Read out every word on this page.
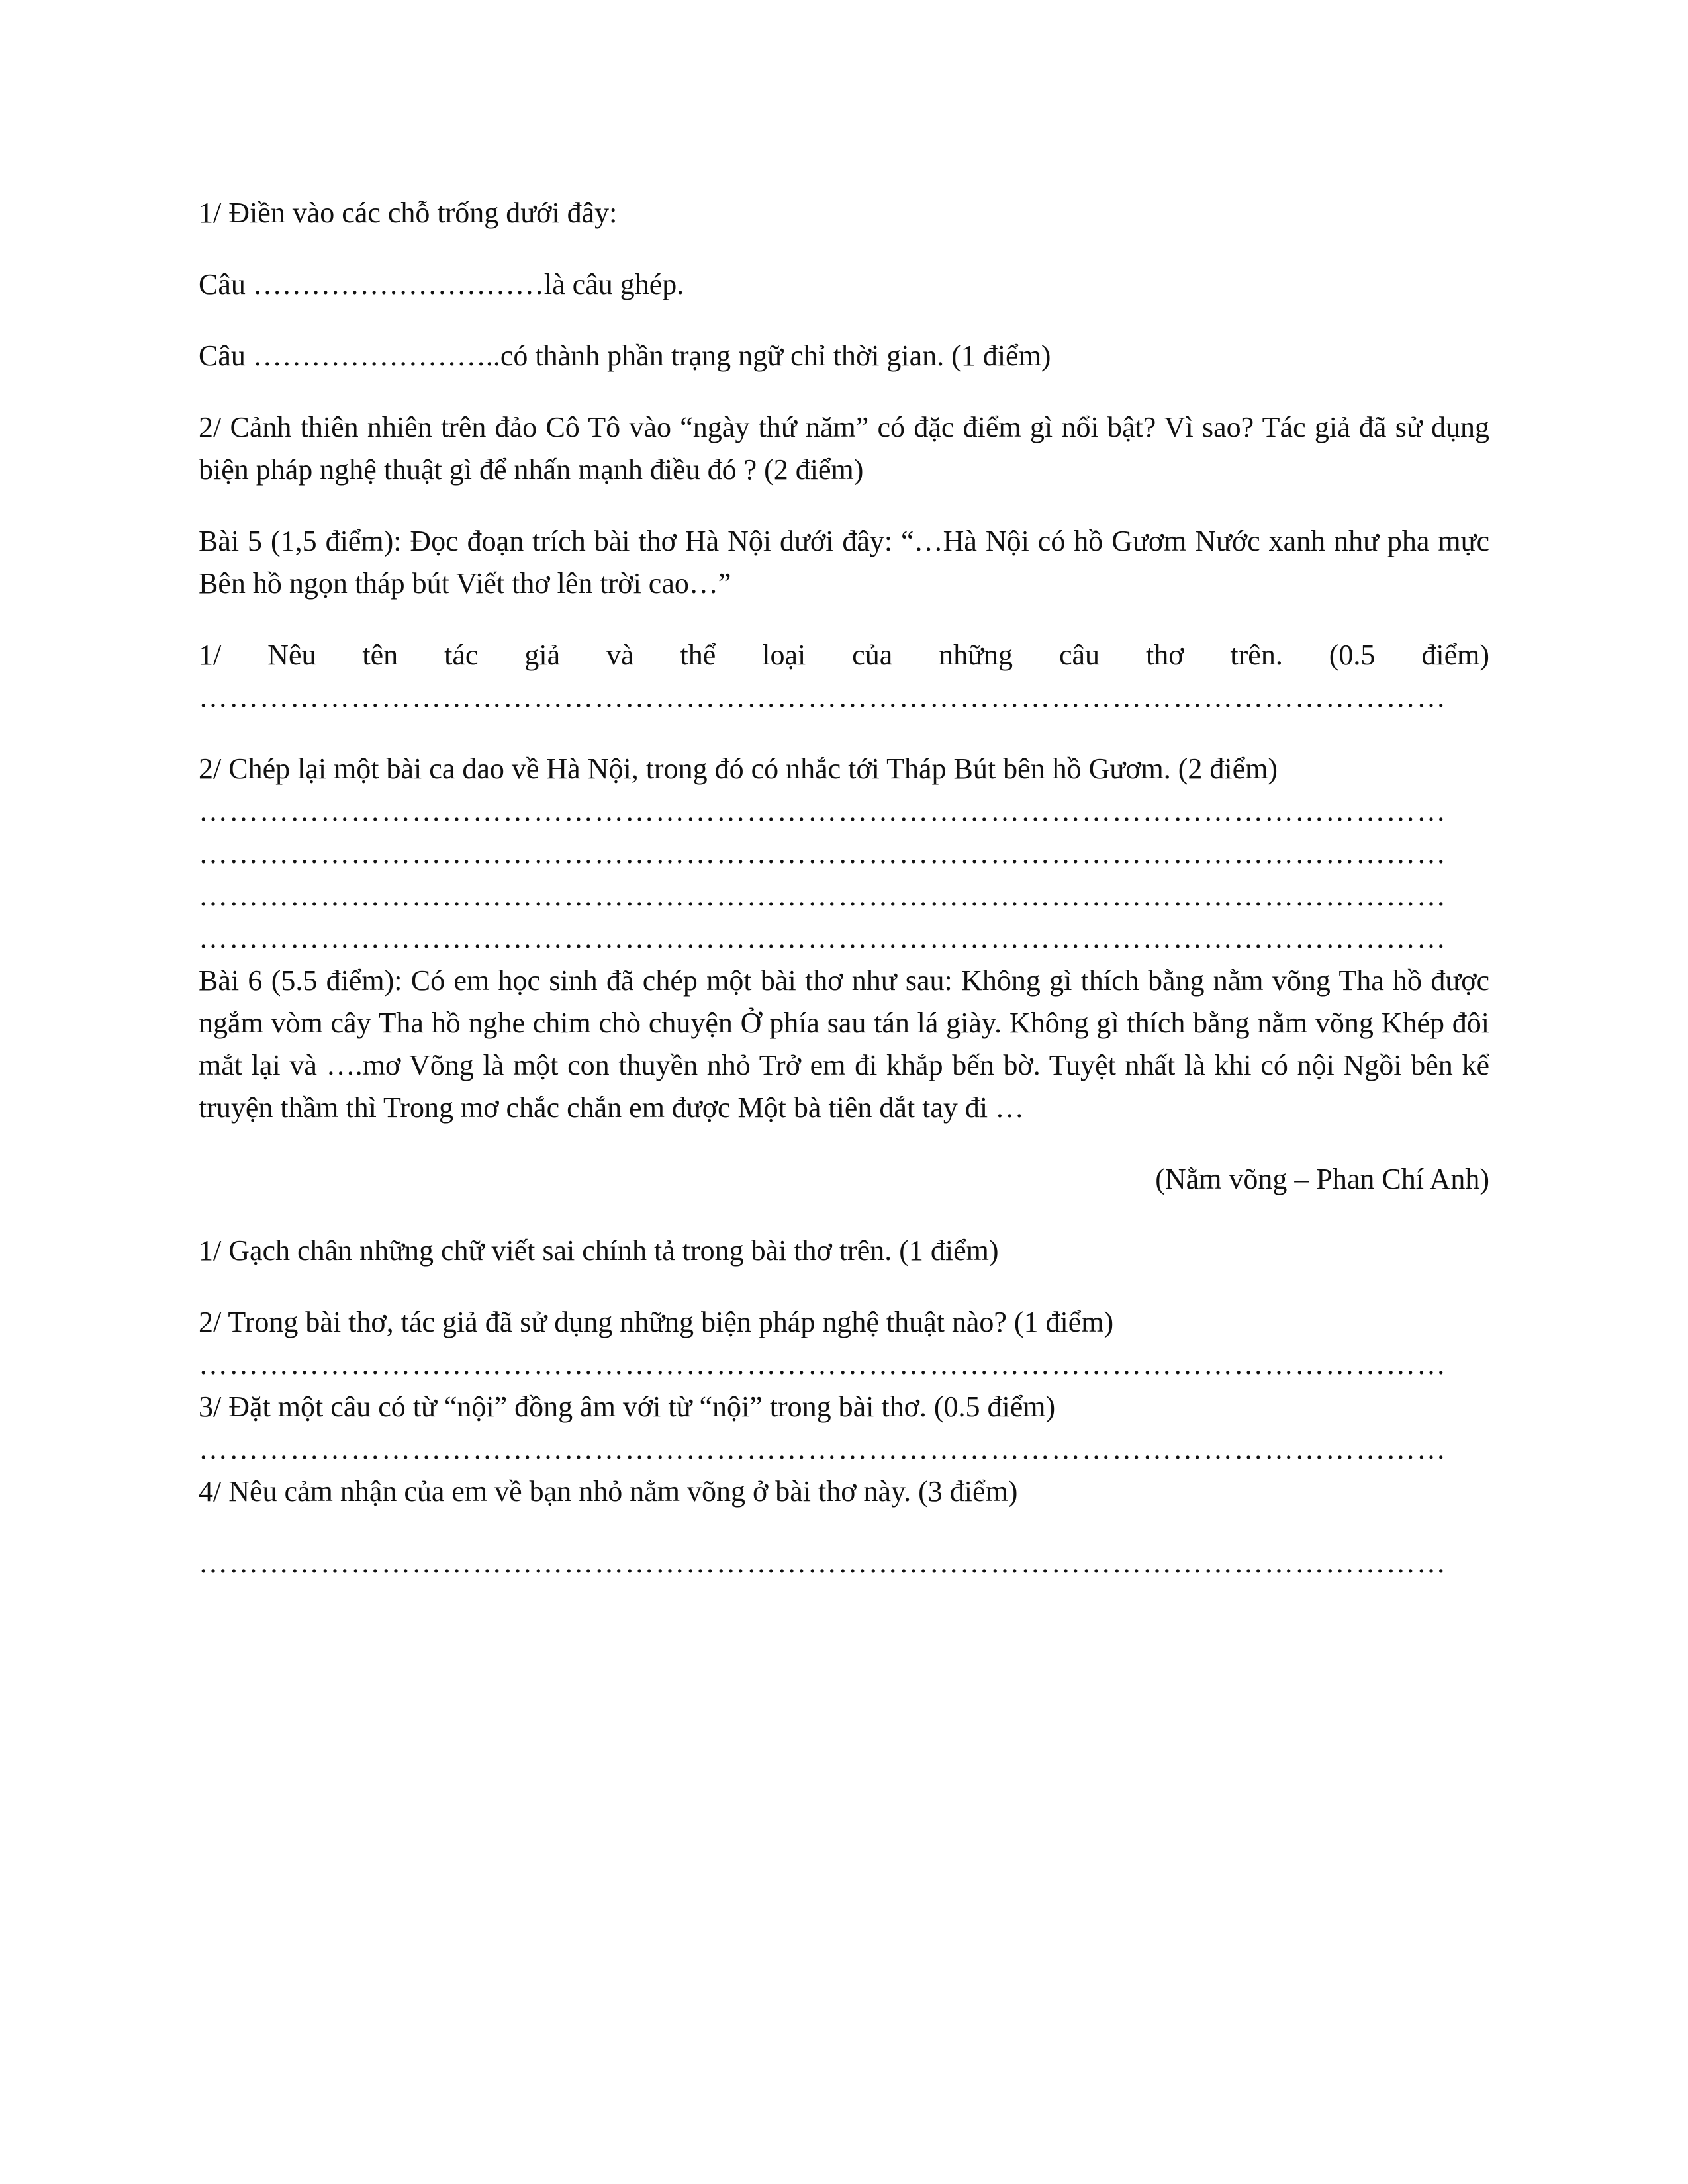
1/ Điền vào các chỗ trống dưới đây:

Câu …………………………là câu ghép.

Câu ……………………..có thành phần trạng ngữ chỉ thời gian. (1 điểm)

2/ Cảnh thiên nhiên trên đảo Cô Tô vào “ngày thứ năm” có đặc điểm gì nổi bật? Vì sao? Tác giả đã sử dụng biện pháp nghệ thuật gì để nhấn mạnh điều đó ? (2 điểm)

Bài 5 (1,5 điểm): Đọc đoạn trích bài thơ Hà Nội dưới đây: “…Hà Nội có hồ Gươm Nước xanh như pha mực Bên hồ ngọn tháp bút Viết thơ lên trời cao…”

1/ Nêu tên tác giả và thể loại của những câu thơ trên. (0.5 điểm)

……………………………………………………………………………………………………………

2/ Chép lại một bài ca dao về Hà Nội, trong đó có nhắc tới Tháp Bút bên hồ Gươm. (2 điểm)

……………………………………………………………………………………………………………
……………………………………………………………………………………………………………
……………………………………………………………………………………………………………
……………………………………………………………………………………………………………

Bài 6 (5.5 điểm): Có em học sinh đã chép một bài thơ như sau: Không gì thích bằng nằm võng Tha hồ được ngắm vòm cây Tha hồ nghe chim chò chuyện Ở phía sau tán lá giày. Không gì thích bằng nằm võng Khép đôi mắt lại và ….mơ Võng là một con thuyền nhỏ Trở em đi khắp bến bờ. Tuyệt nhất là khi có nội Ngồi bên kể truyện thầm thì Trong mơ chắc chắn em được Một bà tiên dắt tay đi …

(Nằm võng – Phan Chí Anh)

1/ Gạch chân những chữ viết sai chính tả trong bài thơ trên. (1 điểm)

2/ Trong bài thơ, tác giả đã sử dụng những biện pháp nghệ thuật nào? (1 điểm)

……………………………………………………………………………………………………………

3/ Đặt một câu có từ “nội” đồng âm với từ “nội” trong bài thơ. (0.5 điểm)

……………………………………………………………………………………………………………

4/ Nêu cảm nhận của em về bạn nhỏ nằm võng ở bài thơ này. (3 điểm)

……………………………………………………………………………………………………………
